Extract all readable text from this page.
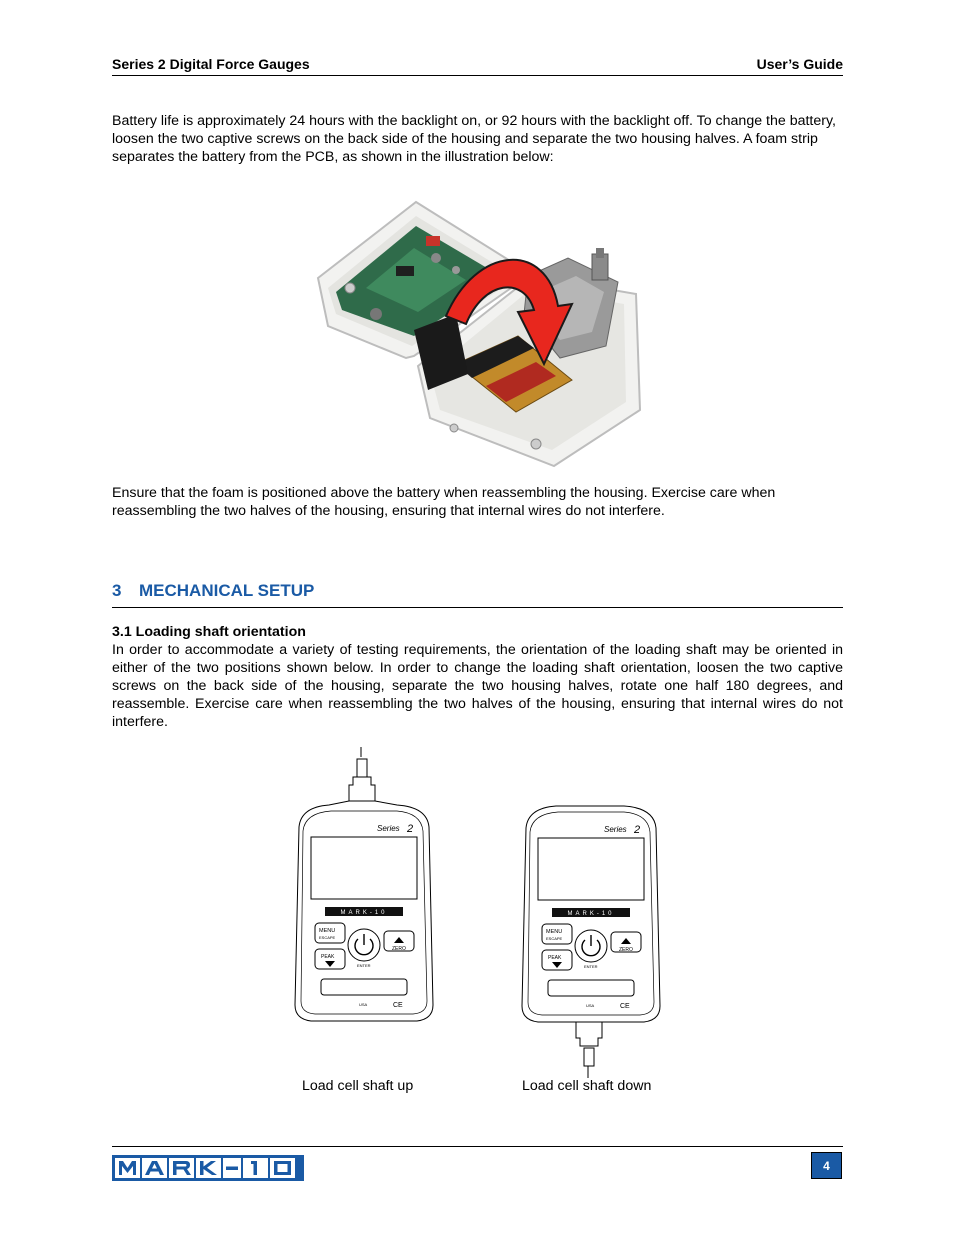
Series 2 Digital Force Gauges	User’s Guide
Battery life is approximately 24 hours with the backlight on, or 92 hours with the backlight off. To change the battery, loosen the two captive screws on the back side of the housing and separate the two housing halves. A foam strip separates the battery from the PCB, as shown in the illustration below:
Ensure that the foam is positioned above the battery when reassembling the housing. Exercise care when reassembling the two halves of the housing, ensuring that internal wires do not interfere.
3 MECHANICAL SETUP
3.1 Loading shaft orientation
In order to accommodate a variety of testing requirements, the orientation of the loading shaft may be oriented in either of the two positions shown below. In order to change the loading shaft orientation, loosen the two captive screws on the back side of the housing, separate the two housing halves, rotate one half 180 degrees, and reassemble. Exercise care when reassembling the two halves of the housing, ensuring that internal wires do not interfere.
Series 2
MARK-10
MENU
ESCAPE
ENTER
ZERO
PEAK
USA	CE
Series 2
MARK-10
MENU
ESCAPE
ENTER
ZERO
PEAK
USA	CE
Load cell shaft up	Load cell shaft down
4
